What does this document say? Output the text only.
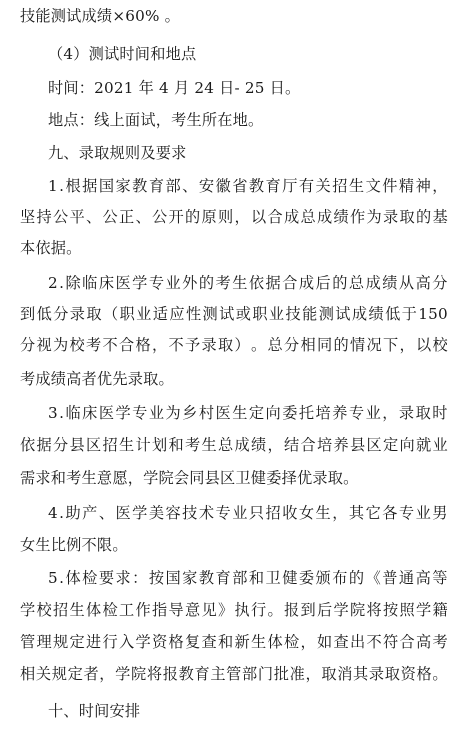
技能测试成绩×60% 。
（4）测试时间和地点
时间：2021 年 4 月 24 日- 25 日。
地点：线上面试，考生所在地。
九、录取规则及要求
1 . 根 据 国 家 教 育 部 、 安 徽 省 教 育 厅 有 关 招 生 文 件 精 神 ，
坚 持 公 平 、 公 正 、 公 开 的 原 则 ， 以 合 成 总 成 绩 作 为 录 取 的 基
本依据。
2 . 除 临 床 医 学 专 业 外 的 考 生 依 据 合 成 后 的 总 成 绩 从 高 分
到 低 分 录 取 （ 职 业 适 应 性 测 试 或 职 业 技 能 测 试 成 绩 低 于 150
分 视 为 校 考 不 合 格 ， 不 予 录 取 ） 。 总 分 相 同 的 情 况 下 ， 以 校
考成绩高者优先录取。
3 . 临 床 医 学 专 业 为 乡 村 医 生 定 向 委 托 培 养 专 业 ， 录 取 时
依 据 分 县 区 招 生 计 划 和 考 生 总 成 绩 ， 结 合 培 养 县 区 定 向 就 业
需求和考生意愿，学院会同县区卫健委择优录取。
4 . 助 产 、 医 学 美 容 技 术 专 业 只 招 收 女 生 ， 其 它 各 专 业 男
女生比例不限。
5 . 体 检 要 求 ： 按 国 家 教 育 部 和 卫 健 委 颁 布 的 《 普 通 高 等
学 校 招 生 体 检 工 作 指 导 意 见 》 执 行 。 报 到 后 学 院 将 按 照 学 籍
管 理 规 定 进 行 入 学 资 格 复 查 和 新 生 体 检 ， 如 查 出 不 符 合 高 考
相 关 规 定 者 ， 学 院 将 报 教 育 主 管 部 门 批 准 ， 取 消 其 录 取 资 格 。
十、时间安排
